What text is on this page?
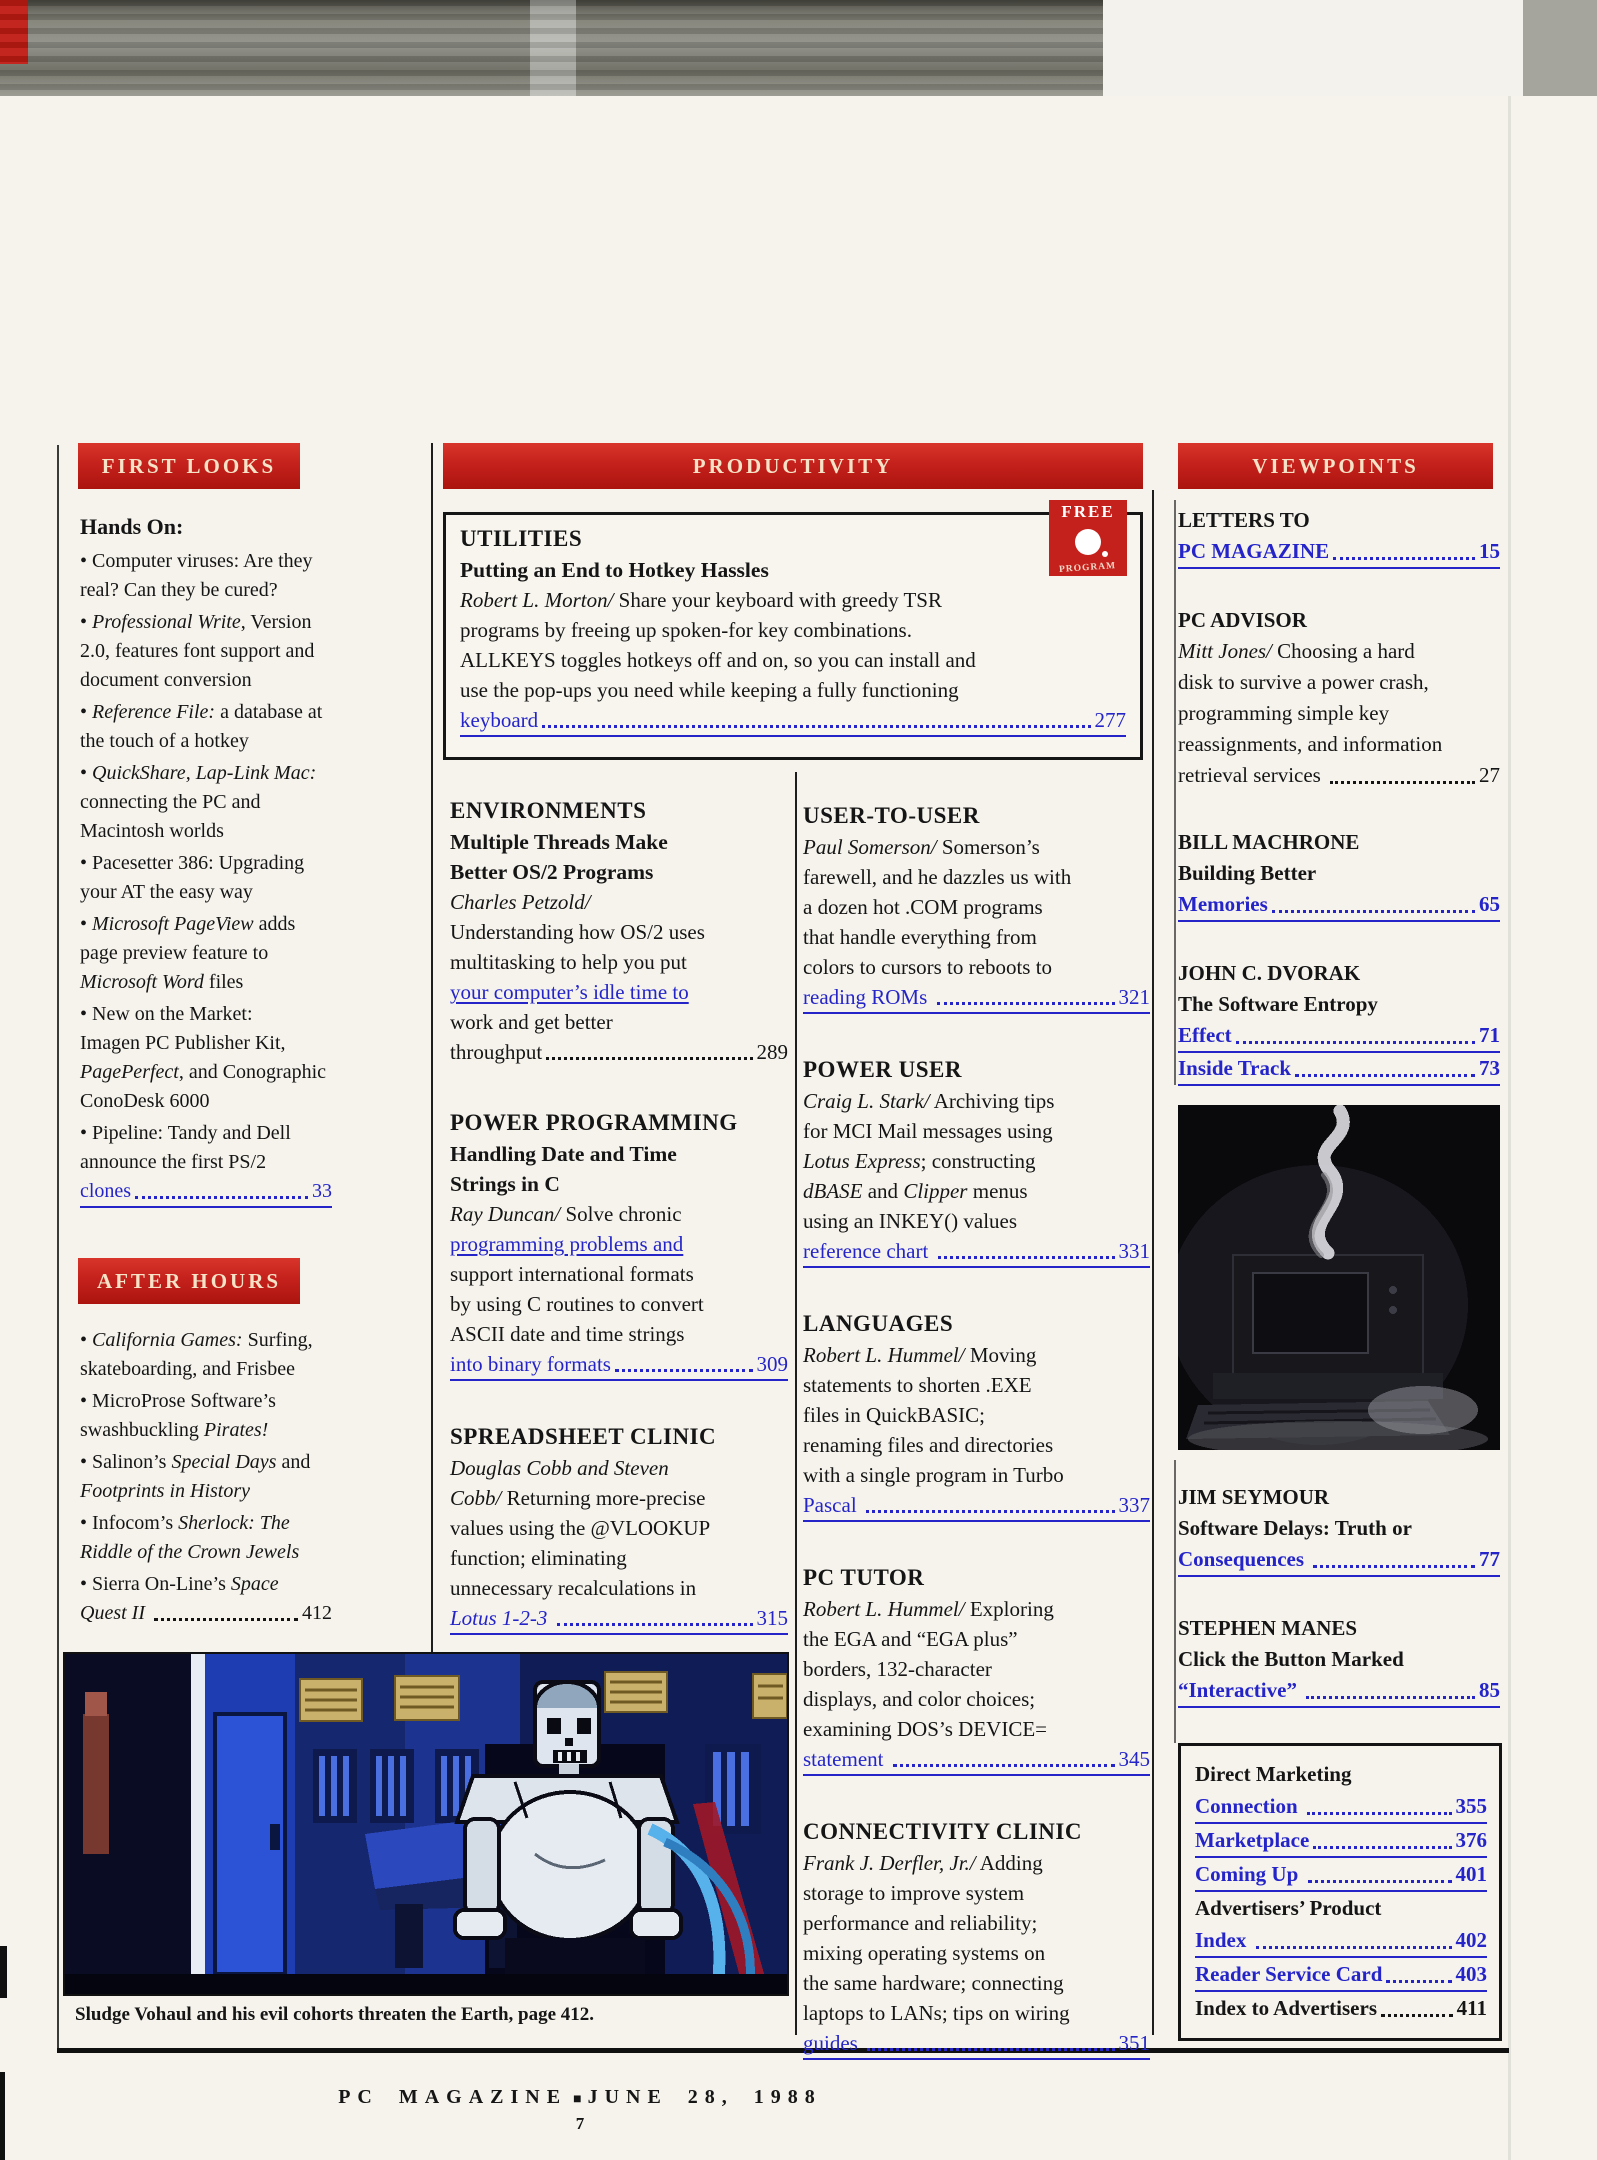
FIRST LOOKS
AFTER HOURS
PRODUCTIVITY	VIEWPOINTS
Hands On:
• Computer viruses: Are they
real? Can they be cured?
• Professional Write, Version
2.0, features font support and
document conversion
• Reference File: a database at
the touch of a hotkey
• QuickShare, Lap-Link Mac:
connecting the PC and
Macintosh worlds
• Pacesetter 386: Upgrading
your AT the easy way
• Microsoft PageView adds
page preview feature to
Microsoft Word files
• New on the Market:
Imagen PC Publisher Kit,
PagePerfect, and Conographic
ConoDesk 6000
• Pipeline: Tandy and Dell
announce the first PS/2
clones	33
• California Games: Surfing,
skateboarding, and Frisbee
• MicroProse Software’s
swashbuckling Pirates!
• Salinon’s Special Days and
Footprints in History
• Infocom’s Sherlock: The
Riddle of the Crown Jewels
• Sierra On-Line’s Space
Quest II	412
UTILITIES
Putting an End to Hotkey Hassles
Robert L. Morton/ Share your keyboard with greedy TSR
programs by freeing up spoken-for key combinations.
ALLKEYS toggles hotkeys off and on, so you can install and
use the pop-ups you need while keeping a fully functioning
keyboard	277
FREE
PROGRAM
ENVIRONMENTS
Multiple Threads Make
Better OS/2 Programs
Charles Petzold/
Understanding how OS/2 uses
multitasking to help you put
your computer’s idle time to
work and get better
throughput	289
POWER PROGRAMMING
Handling Date and Time
Strings in C
Ray Duncan/ Solve chronic
programming problems and
support international formats
by using C routines to convert
ASCII date and time strings
into binary formats	309
SPREADSHEET CLINIC
Douglas Cobb and Steven
Cobb/ Returning more-precise
values using the @VLOOKUP
function; eliminating
unnecessary recalculations in
Lotus 1-2-3	315
USER-TO-USER
Paul Somerson/ Somerson’s
farewell, and he dazzles us with
a dozen hot .COM programs
that handle everything from
colors to cursors to reboots to
reading ROMs	321
POWER USER
Craig L. Stark/ Archiving tips
for MCI Mail messages using
Lotus Express; constructing
dBASE and Clipper menus
using an INKEY() values
reference chart	331
LANGUAGES
Robert L. Hummel/ Moving
statements to shorten .EXE
files in QuickBASIC;
renaming files and directories
with a single program in Turbo
Pascal	337
PC TUTOR
Robert L. Hummel/ Exploring
the EGA and “EGA plus”
borders, 132-character
displays, and color choices;
examining DOS’s DEVICE=
statement	345
CONNECTIVITY CLINIC
Frank J. Derfler, Jr./ Adding
storage to improve system
performance and reliability;
mixing operating systems on
the same hardware; connecting
laptops to LANs; tips on wiring
guides	351
LETTERS TO
PC MAGAZINE	15
PC ADVISOR
Mitt Jones/ Choosing a hard
disk to survive a power crash,
programming simple key
reassignments, and information
retrieval services	27
BILL MACHRONE
Building Better
Memories	65
JOHN C. DVORAK
The Software Entropy
Effect	71
Inside Track	73
JIM SEYMOUR
Software Delays: Truth or
Consequences	77
STEPHEN MANES
Click the Button Marked
“Interactive”	85
Direct Marketing
Connection	355
Marketplace	376
Coming Up	401
Advertisers’ Product
Index	402
Reader Service Card	403
Index to Advertisers	411
Sludge Vohaul and his evil cohorts threaten the Earth, page 412.
PC MAGAZINE ■ JUNE 28, 1988
7
